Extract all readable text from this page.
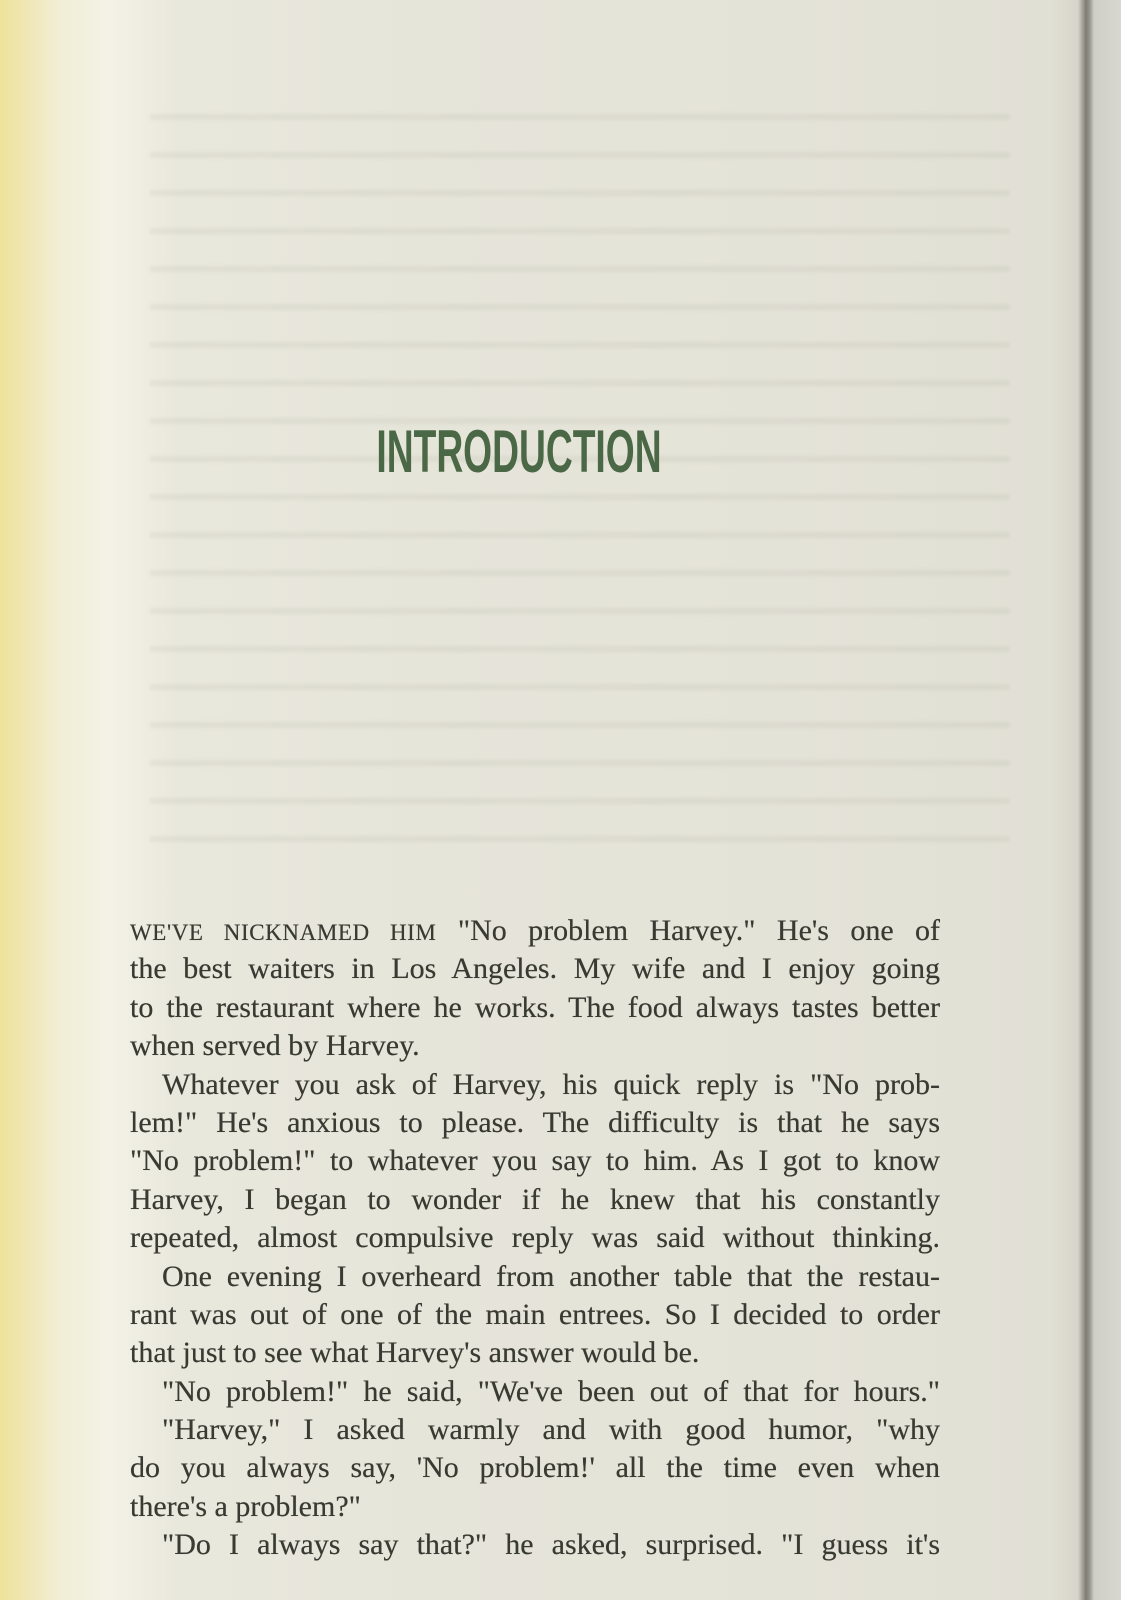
INTRODUCTION
WE'VE NICKNAMED HIM "No problem Harvey." He's one of
the best waiters in Los Angeles. My wife and I enjoy going
to the restaurant where he works. The food always tastes better
when served by Harvey.
Whatever you ask of Harvey, his quick reply is "No prob-
lem!" He's anxious to please. The difficulty is that he says
"No problem!" to whatever you say to him. As I got to know
Harvey, I began to wonder if he knew that his constantly
repeated, almost compulsive reply was said without thinking.
One evening I overheard from another table that the restau-
rant was out of one of the main entrees. So I decided to order
that just to see what Harvey's answer would be.
"No problem!" he said, "We've been out of that for hours."
"Harvey," I asked warmly and with good humor, "why
do you always say, 'No problem!' all the time even when
there's a problem?"
"Do I always say that?" he asked, surprised. "I guess it's
